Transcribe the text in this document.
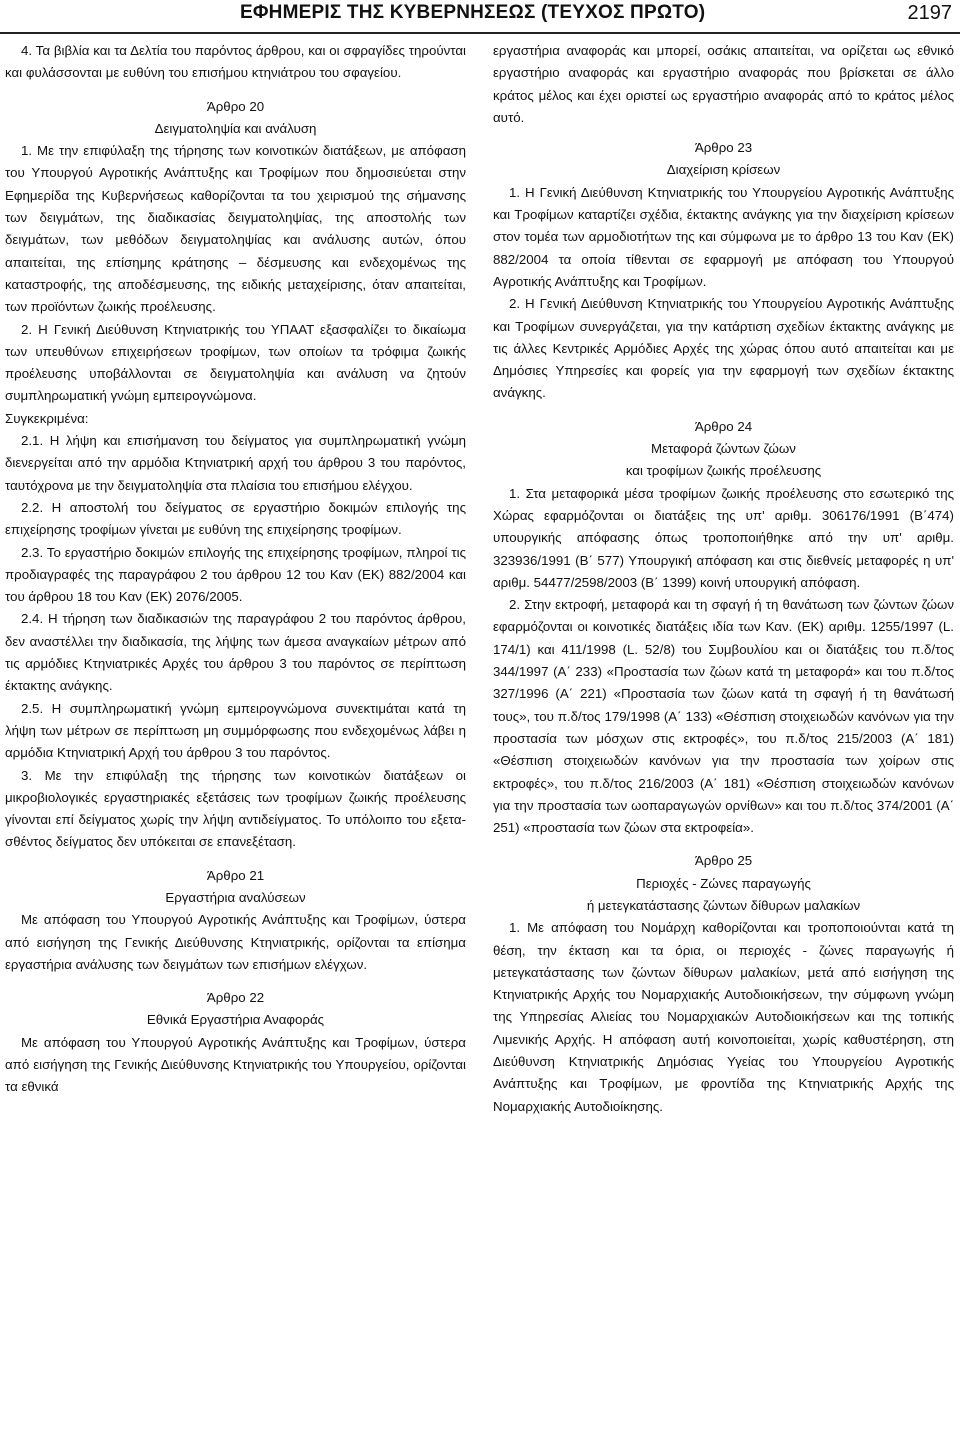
ΕΦΗΜΕΡΙΣ ΤΗΣ ΚΥΒΕΡΝΗΣΕΩΣ (ΤΕΥΧΟΣ ΠΡΩΤΟ)	2197

4. Τα βιβλία και τα Δελτία του παρόντος άρθρου, και οι σφραγίδες τηρούνται και φυλάσσονται με ευθύνη του επισήμου κτηνιάτρου του σφαγείου.

Άρθρο 20
Δειγματοληψία και ανάλυση

1. Με την επιφύλαξη της τήρησης των κοινοτικών διατάξεων, με απόφαση του Υπουργού Αγροτικής Ανάπτυξης και Τροφίμων που δημοσιεύεται στην Εφημερίδα της Κυβερνήσεως καθορίζονται τα του χειρισμού της σήμανσης των δειγμάτων, της διαδικασίας δειγματοληψίας, της αποστολής των δειγμάτων, των μεθόδων δειγματοληψίας και ανάλυσης αυτών, όπου απαιτείται, της επίσημης κράτησης – δέσμευσης και ενδεχομένως της καταστροφής, της αποδέσμευσης, της ειδικής μεταχείρισης, όταν απαιτείται, των προϊόντων ζωικής προέλευσης.

2. Η Γενική Διεύθυνση Κτηνιατρικής του ΥΠΑΑΤ εξασφαλίζει το δικαίωμα των υπευθύνων επιχειρήσεων τροφίμων, των οποίων τα τρόφιμα ζωικής προέλευσης υποβάλλονται σε δειγματοληψία και ανάλυση να ζητούν συμπληρωματική γνώμη εμπειρογνώμονα.

Συγκεκριμένα:

2.1. Η λήψη και επισήμανση του δείγματος για συμπληρωματική γνώμη διενεργείται από την αρμόδια Κτηνιατρική αρχή του άρθρου 3 του παρόντος, ταυτόχρονα με την δειγματοληψία στα πλαίσια του επισήμου ελέγχου.

2.2. Η αποστολή του δείγματος σε εργαστήριο δοκιμών επιλογής της επιχείρησης τροφίμων γίνεται με ευθύνη της επιχείρησης τροφίμων.

2.3. Το εργαστήριο δοκιμών επιλογής της επιχείρησης τροφίμων, πληροί τις προδιαγραφές της παραγράφου 2 του άρθρου 12 του Καν (ΕΚ) 882/2004 και του άρθρου 18 του Καν (ΕΚ) 2076/2005.

2.4. Η τήρηση των διαδικασιών της παραγράφου 2 του παρόντος άρθρου, δεν αναστέλλει την διαδικασία, της λήψης των άμεσα αναγκαίων μέτρων από τις αρμόδιες Κτηνιατρικές Αρχές του άρθρου 3 του παρόντος σε περίπτωση έκτακτης ανάγκης.

2.5. Η συμπληρωματική γνώμη εμπειρογνώμονα συνεκτιμάται κατά τη λήψη των μέτρων σε περίπτωση μη συμμόρφωσης που ενδεχομένως λάβει η αρμόδια Κτηνιατρική Αρχή του άρθρου 3 του παρόντος.

3. Με την επιφύλαξη της τήρησης των κοινοτικών διατάξεων οι μικροβιολογικές εργαστηριακές εξετάσεις των τροφίμων ζωικής προέλευσης γίνονται επί δείγματος χωρίς την λήψη αντιδείγματος. Το υπόλοιπο του εξετασθέντος δείγματος δεν υπόκειται σε επανεξέταση.

Άρθρο 21
Εργαστήρια αναλύσεων

Με απόφαση του Υπουργού Αγροτικής Ανάπτυξης και Τροφίμων, ύστερα από εισήγηση της Γενικής Διεύθυνσης Κτηνιατρικής, ορίζονται τα επίσημα εργαστήρια ανάλυσης των δειγμάτων των επισήμων ελέγχων.

Άρθρο 22
Εθνικά Εργαστήρια Αναφοράς

Με απόφαση του Υπουργού Αγροτικής Ανάπτυξης και Τροφίμων, ύστερα από εισήγηση της Γενικής Διεύθυνσης Κτηνιατρικής του Υπουργείου, ορίζονται τα εθνικά

εργαστήρια αναφοράς και μπορεί, οσάκις απαιτείται, να ορίζεται ως εθνικό εργαστήριο αναφοράς και εργαστήριο αναφοράς που βρίσκεται σε άλλο κράτος μέλος και έχει οριστεί ως εργαστήριο αναφοράς από το κράτος μέλος αυτό.

Άρθρο 23
Διαχείριση κρίσεων

1. Η Γενική Διεύθυνση Κτηνιατρικής του Υπουργείου Αγροτικής Ανάπτυξης και Τροφίμων καταρτίζει σχέδια, έκτακτης ανάγκης για την διαχείριση κρίσεων στον τομέα των αρμοδιοτήτων της και σύμφωνα με το άρθρο 13 του Καν (ΕΚ) 882/2004 τα οποία τίθενται σε εφαρμογή με απόφαση του Υπουργού Αγροτικής Ανάπτυξης και Τροφίμων.

2. Η Γενική Διεύθυνση Κτηνιατρικής του Υπουργείου Αγροτικής Ανάπτυξης και Τροφίμων συνεργάζεται, για την κατάρτιση σχεδίων έκτακτης ανάγκης με τις άλλες Κεντρικές Αρμόδιες Αρχές της χώρας όπου αυτό απαιτείται και με Δημόσιες Υπηρεσίες και φορείς για την εφαρμογή των σχεδίων έκτακτης ανάγκης.

Άρθρο 24
Μεταφορά ζώντων ζώων
και τροφίμων ζωικής προέλευσης

1. Στα μεταφορικά μέσα τροφίμων ζωικής προέλευσης στο εσωτερικό της Χώρας εφαρμόζονται οι διατάξεις της υπ' αριθμ. 306176/1991 (Β΄474) υπουργικής απόφασης όπως τροποποιήθηκε από την υπ' αριθμ. 323936/1991 (Β΄ 577) Υπουργική απόφαση και στις διεθνείς μεταφορές η υπ' αριθμ. 54477/2598/2003 (Β΄ 1399) κοινή υπουργική απόφαση.

2. Στην εκτροφή, μεταφορά και τη σφαγή ή τη θανάτωση των ζώντων ζώων εφαρμόζονται οι κοινοτικές διατάξεις ιδία των Καν. (ΕΚ) αριθμ. 1255/1997 (L. 174/1) και 411/1998 (L. 52/8) του Συμβουλίου και οι διατάξεις του π.δ/τος 344/1997 (Α΄ 233) «Προστασία των ζώων κατά τη μεταφορά» και του π.δ/τος 327/1996 (Α΄ 221) «Προστασία των ζώων κατά τη σφαγή ή τη θανάτωσή τους», του π.δ/τος 179/1998 (Α΄ 133) «Θέσπιση στοιχειωδών κανόνων για την προστασία των μόσχων στις εκτροφές», του π.δ/τος 215/2003 (Α΄ 181) «Θέσπιση στοιχειωδών κανόνων για την προστασία των χοίρων στις εκτροφές», του π.δ/τος 216/2003 (Α΄ 181) «Θέσπιση στοιχειωδών κανόνων για την προστασία των ωοπαραγωγών ορνίθων» και του π.δ/τος 374/2001 (Α΄ 251) «προστασία των ζώων στα εκτροφεία».

Άρθρο 25
Περιοχές - Ζώνες παραγωγής
ή μετεγκατάστασης ζώντων δίθυρων μαλακίων

1. Με απόφαση του Νομάρχη καθορίζονται και τροποποιούνται κατά τη θέση, την έκταση και τα όρια, οι περιοχές - ζώνες παραγωγής ή μετεγκατάστασης των ζώντων δίθυρων μαλακίων, μετά από εισήγηση της Κτηνιατρικής Αρχής του Νομαρχιακής Αυτοδιοικήσεων, την σύμφωνη γνώμη της Υπηρεσίας Αλιείας του Νομαρχιακών Αυτοδιοικήσεων και της τοπικής Λιμενικής Αρχής. Η απόφαση αυτή κοινοποιείται, χωρίς καθυστέρηση, στη Διεύθυνση Κτηνιατρικής Δημόσιας Υγείας του Υπουργείου Αγροτικής Ανάπτυξης και Τροφίμων, με φροντίδα της Κτηνιατρικής Αρχής της Νομαρχιακής Αυτοδιοίκησης.
